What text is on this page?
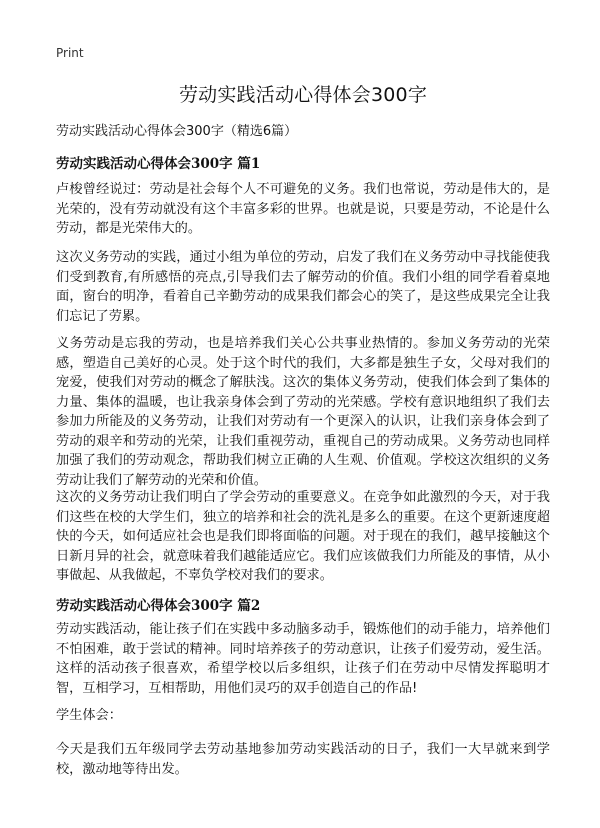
Print
劳动实践活动心得体会300字
劳动实践活动心得体会300字（精选6篇）
劳动实践活动心得体会300字 篇1

卢梭曾经说过：劳动是社会每个人不可避免的义务。我们也常说，劳动是伟大的，是光荣的，没有劳动就没有这个丰富多彩的世界。也就是说，只要是劳动，不论是什么劳动，都是光荣伟大的。

这次义务劳动的实践，通过小组为单位的劳动，启发了我们在义务劳动中寻找能使我们受到教育,有所感悟的亮点,引导我们去了解劳动的价值。我们小组的同学看着桌地面，窗台的明净，看着自己辛勤劳动的成果我们都会心的笑了，是这些成果完全让我们忘记了劳累。

义务劳动是忘我的劳动，也是培养我们关心公共事业热情的。参加义务劳动的光荣感，塑造自己美好的心灵。处于这个时代的我们，大多都是独生子女，父母对我们的宠爱，使我们对劳动的概念了解肤浅。这次的集体义务劳动，使我们体会到了集体的力量、集体的温暖，也让我亲身体会到了劳动的光荣感。学校有意识地组织了我们去参加力所能及的义务劳动，让我们对劳动有一个更深入的认识，让我们亲身体会到了劳动的艰辛和劳动的光荣，让我们重视劳动，重视自己的劳动成果。义务劳动也同样加强了我们的劳动观念，帮助我们树立正确的人生观、价值观。学校这次组织的义务劳动让我们了解劳动的光荣和价值。

这次的义务劳动让我们明白了学会劳动的重要意义。在竞争如此激烈的今天，对于我们这些在校的大学生们，独立的培养和社会的洗礼是多么的重要。在这个更新速度超快的今天，如何适应社会也是我们即将面临的问题。对于现在的我们，越早接触这个日新月异的社会，就意味着我们越能适应它。我们应该做我们力所能及的事情，从小事做起、从我做起，不辜负学校对我们的要求。

劳动实践活动心得体会300字 篇2

劳动实践活动，能让孩子们在实践中多动脑多动手，锻炼他们的动手能力，培养他们不怕困难，敢于尝试的精神。同时培养孩子的劳动意识，让孩子们爱劳动，爱生活。这样的活动孩子很喜欢，希望学校以后多组织，让孩子们在劳动中尽情发挥聪明才智，互相学习，互相帮助，用他们灵巧的双手创造自己的作品!

学生体会：

今天是我们五年级同学去劳动基地参加劳动实践活动的日子，我们一大早就来到学校，激动地等待出发。
